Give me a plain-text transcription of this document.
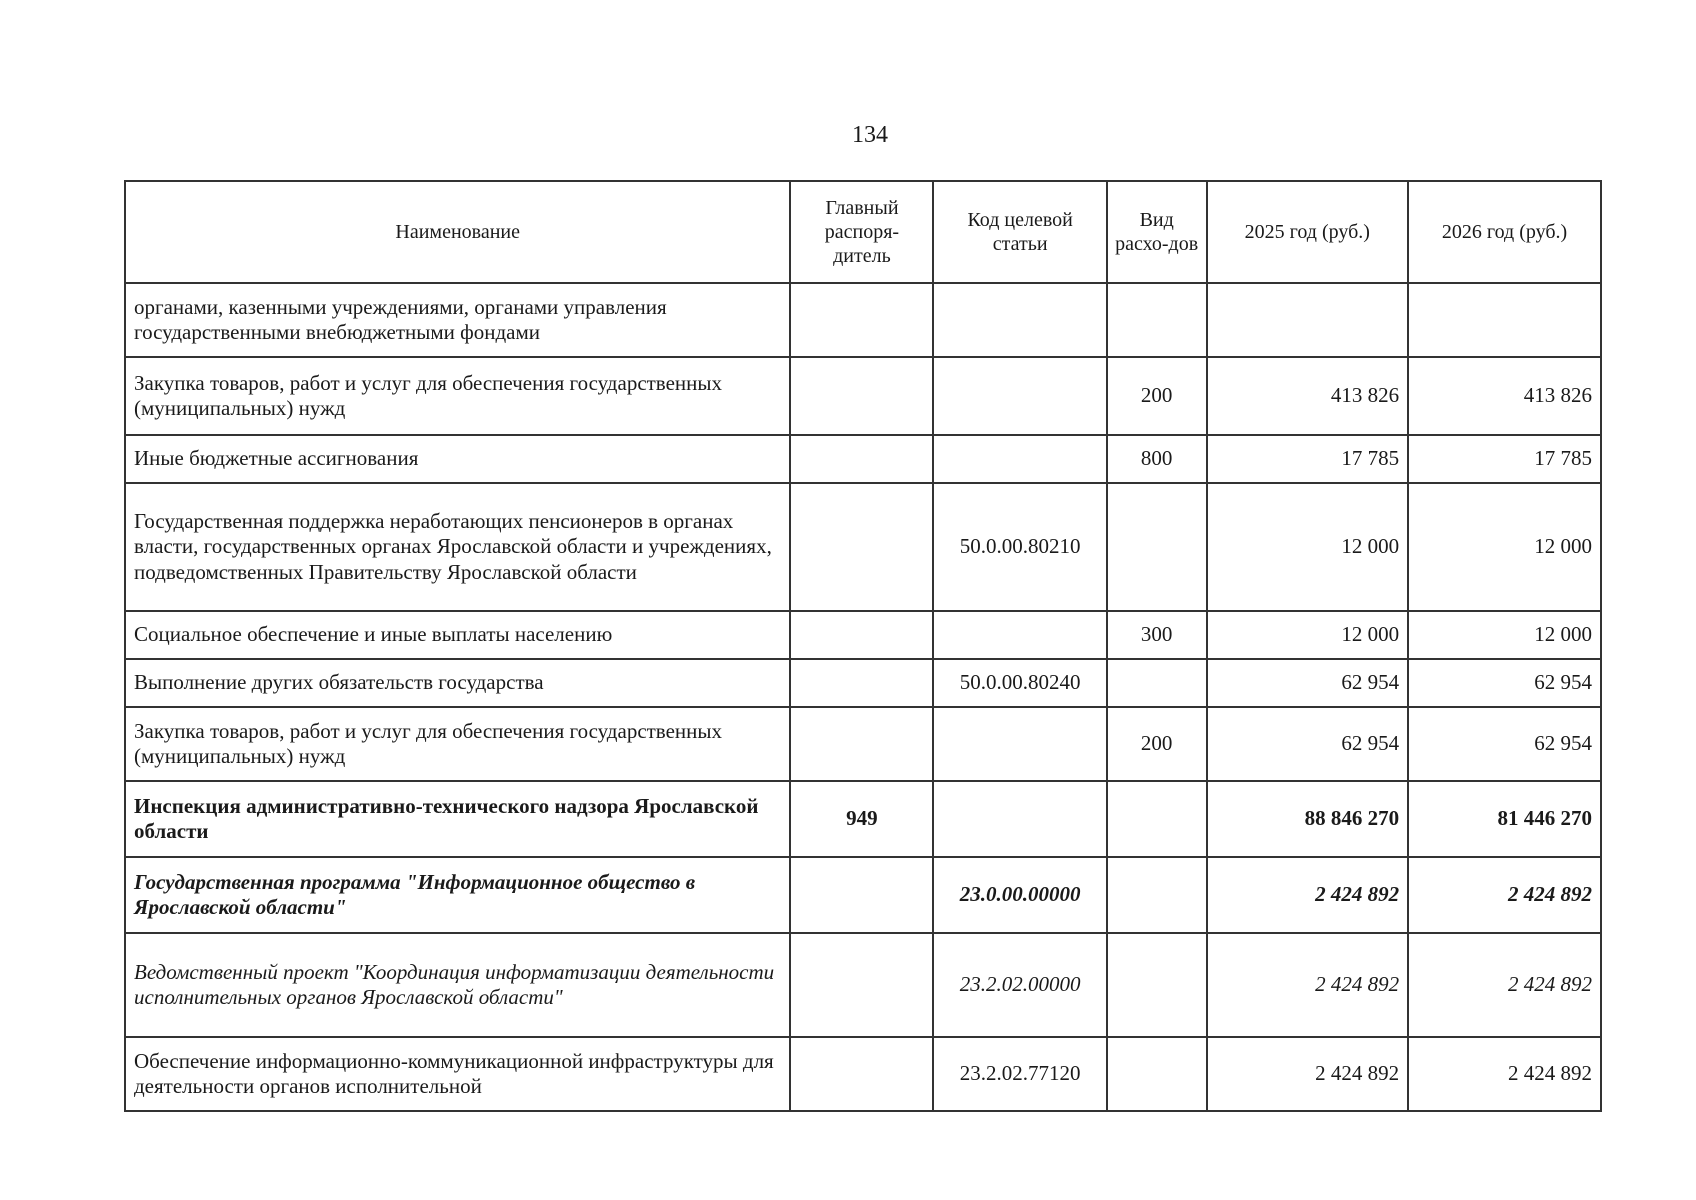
134
Наименование	Главный распоря-дитель	Код целевой статьи	Вид расхо-дов	2025 год (руб.)	2026 год (руб.)
органами, казенными учреждениями, органами управления государственными внебюджетными фондами					
Закупка товаров, работ и услуг для обеспечения государственных (муниципальных) нужд			200	413 826	413 826
Иные бюджетные ассигнования			800	17 785	17 785
Государственная поддержка неработающих пенсионеров в органах власти, государственных органах Ярославской области и учреждениях, подведомственных Правительству Ярославской области		50.0.00.80210		12 000	12 000
Социальное обеспечение и иные выплаты населению			300	12 000	12 000
Выполнение других обязательств государства		50.0.00.80240		62 954	62 954
Закупка товаров, работ и услуг для обеспечения государственных (муниципальных) нужд			200	62 954	62 954
Инспекция административно-технического надзора Ярославской области	949			88 846 270	81 446 270
Государственная программа "Информационное общество в Ярославской области"		23.0.00.00000		2 424 892	2 424 892
Ведомственный проект "Координация информатизации деятельности исполнительных органов Ярославской области"		23.2.02.00000		2 424 892	2 424 892
Обеспечение информационно-коммуникационной инфраструктуры для деятельности органов исполнительной		23.2.02.77120		2 424 892	2 424 892
